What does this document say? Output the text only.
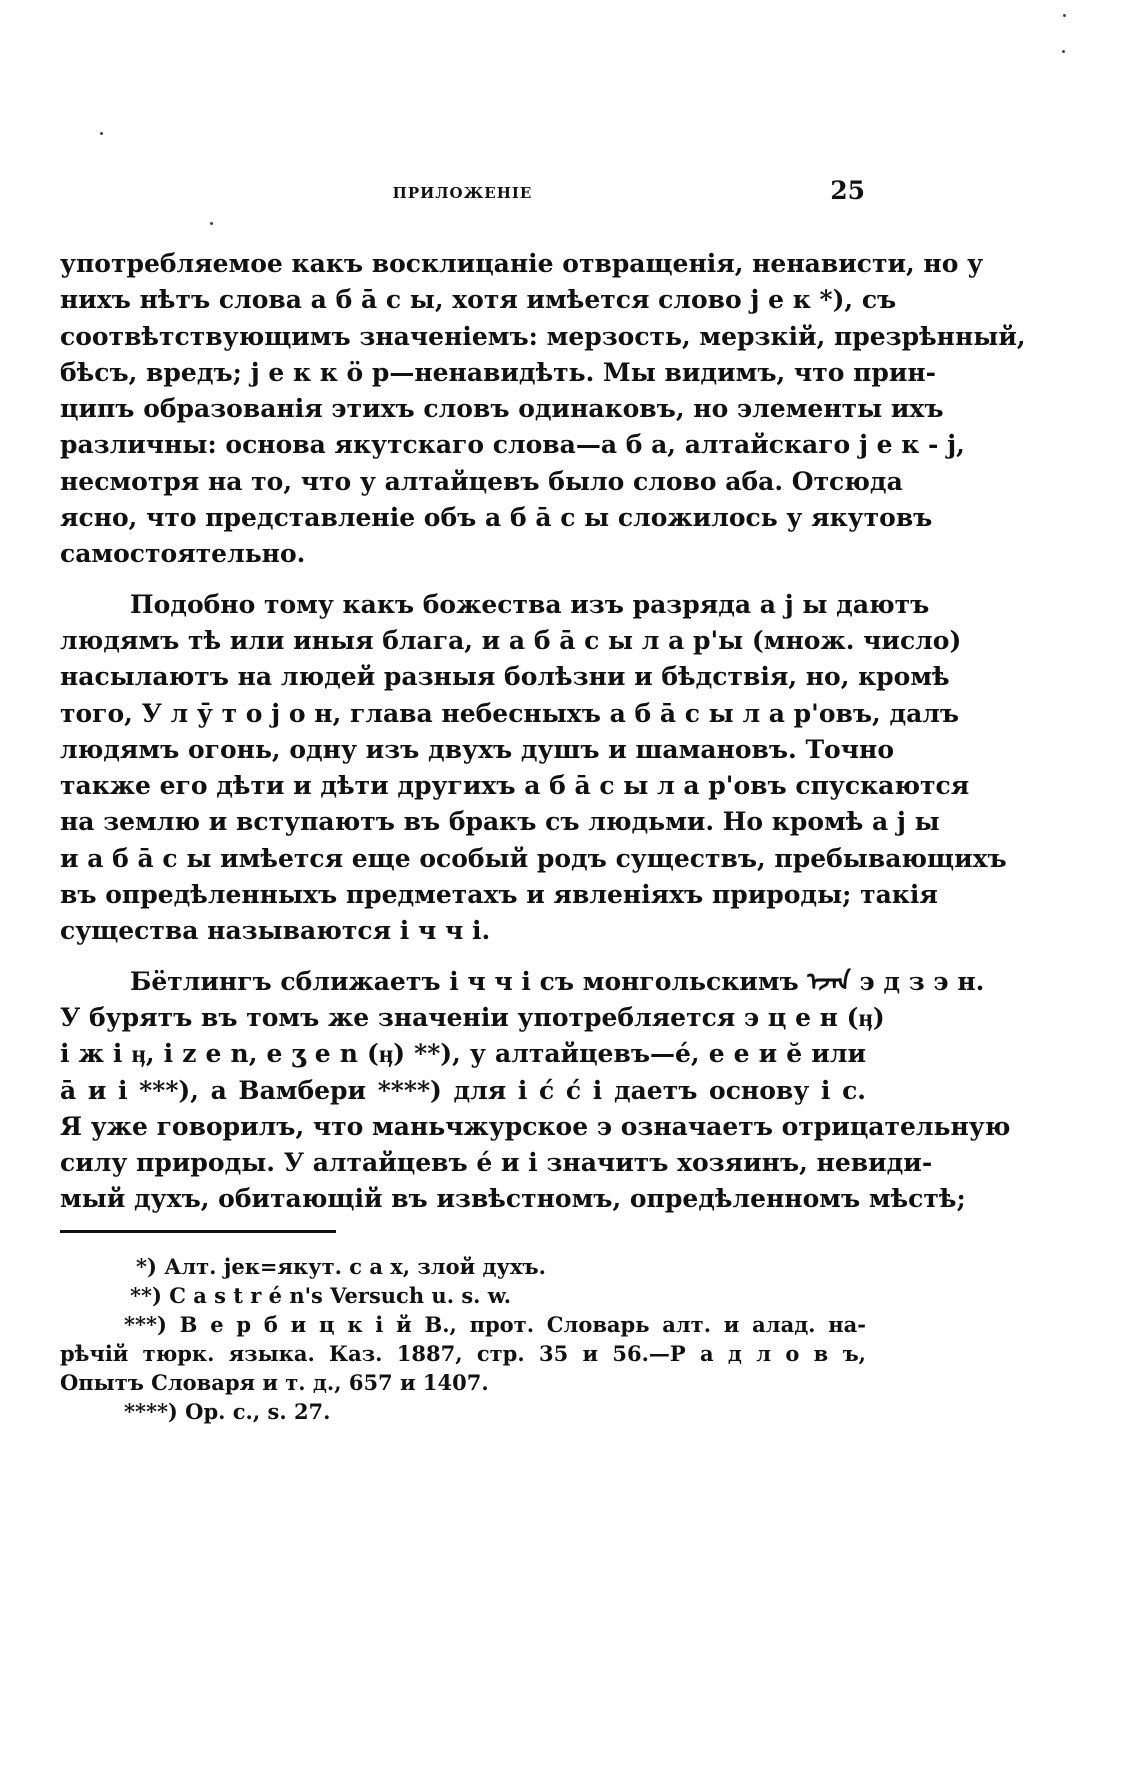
ПРИЛОЖЕНІЕ	25
употребляемое какъ восклицаніе отвращенія, ненависти, но у
нихъ нѣтъ слова а б ā с ы, хотя имѣется слово ј е к *), съ
соотвѣтствующимъ значеніемъ: мерзость, мерзкій, презрѣнный,
бѣсъ, вредъ; ј е к к ӧ р—ненавидѣть. Мы видимъ, что прин-
ципъ образованія этихъ словъ одинаковъ, но элементы ихъ
различны: основа якутскаго слова—а б а, алтайскаго ј е к - ј,
несмотря на то, что у алтайцевъ было слово аба. Отсюда
ясно, что представленіе объ а б ā с ы сложилось у якутовъ
самостоятельно.
Подобно тому какъ божества изъ разряда а ј ы даютъ
людямъ тѣ или иныя блага, и а б ā с ы л а р'ы (множ. число)
насылаютъ на людей разныя болѣзни и бѣдствія, но, кромѣ
того, У л ӯ т о ј о н, глава небесныхъ а б ā с ы л а р'овъ, далъ
людямъ огонь, одну изъ двухъ душъ и шамановъ. Точно
также его дѣти и дѣти другихъ а б ā с ы л а р'овъ спускаются
на землю и вступаютъ въ бракъ съ людьми. Но кромѣ а ј ы
и а б ā с ы имѣется еще особый родъ существъ, пребывающихъ
въ опредѣленныхъ предметахъ и явленіяхъ природы; такія
существа называются і ч ч і.
Бётлингъ сближаетъ і ч ч і съ монгольскимъ ᠡᠵᠡᠨ э д з э н.
У бурятъ въ томъ же значеніи употребляется э ц е н (ӊ)
і ж і ӊ, і z e n, e ʒ e n (ӊ) **), у алтайцевъ—é, е е и ӗ или
ā и і ***), а Вамбери ****) для і с́ с́ і даетъ основу і с.
Я уже говорилъ, что маньчжурское э означаетъ отрицательную
силу природы. У алтайцевъ é и і значитъ хозяинъ, невиди-
мый духъ, обитающій въ извѣстномъ, опредѣленномъ мѣстѣ;
*) Алт. јек=якут. с а х, злой духъ.
**) C a s t r é n's Versuch u. s. w.
***) В е р б и ц к і й В., прот. Словарь алт. и алад. на-
рѣчій тюрк. языка. Каз. 1887, стр. 35 и 56.—Р а д л о в ъ,
Опытъ Словаря и т. д., 657 и 1407.
****) Op. c., s. 27.
